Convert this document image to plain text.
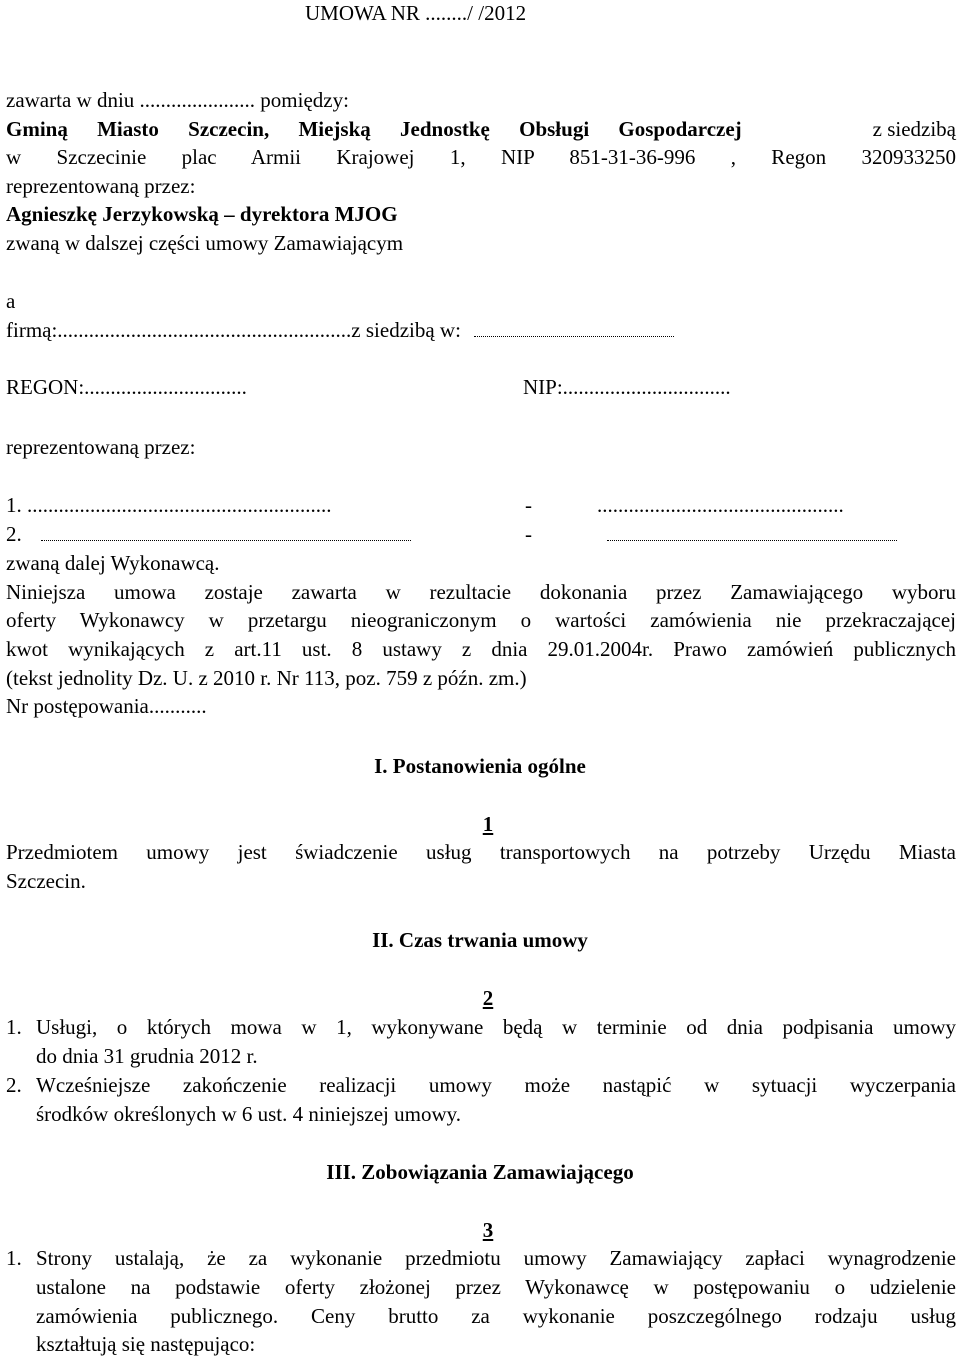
UMOWA NR ......../ /2012
zawarta w dniu ...................... pomiędzy:
Gminą Miasto Szczecin, Miejską Jednostkę Obsługi Gospodarczej	z siedzibą
w Szczecinie plac Armii Krajowej 1, NIP 851-31-36-996 , Regon 320933250
reprezentowaną przez:
Agnieszkę Jerzykowską – dyrektora MJOG
zwaną w dalszej części umowy Zamawiającym
a
firmą:........................................................z siedzibą w:
REGON:...............................	NIP:................................
reprezentowaną przez:
1. ..........................................................	-	...............................................
2.	-
zwaną dalej Wykonawcą.
Niniejsza umowa zostaje zawarta w rezultacie dokonania przez Zamawiającego wyboru
oferty Wykonawcy w przetargu nieograniczonym o wartości zamówienia nie przekraczającej
kwot wynikających z art.11 ust. 8 ustawy z dnia 29.01.2004r. Prawo zamówień publicznych
(tekst jednolity Dz. U. z 2010 r. Nr 113, poz. 759 z późn. zm.)
Nr postępowania...........
I. Postanowienia ogólne
1
Przedmiotem umowy jest świadczenie usług transportowych na potrzeby Urzędu Miasta
Szczecin.
II. Czas trwania umowy
2
1. Usługi, o których mowa w 1, wykonywane będą w terminie od dnia podpisania umowy
do dnia 31 grudnia 2012 r.
2. Wcześniejsze zakończenie realizacji umowy może nastąpić w sytuacji wyczerpania
środków określonych w 6 ust. 4 niniejszej umowy.
III. Zobowiązania Zamawiającego
3
1. Strony ustalają, że za wykonanie przedmiotu umowy Zamawiający zapłaci wynagrodzenie
ustalone na podstawie oferty złożonej przez Wykonawcę w postępowaniu o udzielenie
zamówienia publicznego. Ceny brutto za wykonanie poszczególnego rodzaju usług
kształtują się następująco:
